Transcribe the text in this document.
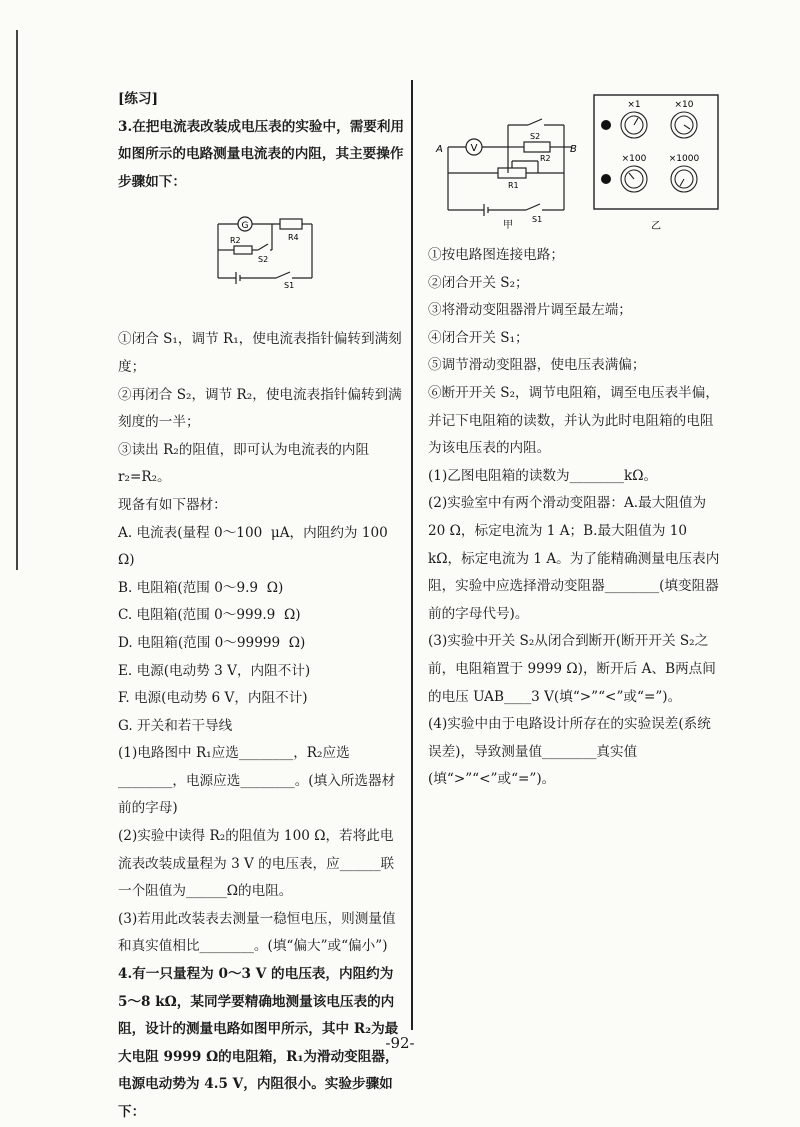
[练习]

3.在把电流表改装成电压表的实验中，需要利用如图所示的电路测量电流表的内阻，其主要操作步骤如下：

①闭合 S₁，调节 R₁，使电流表指针偏转到满刻度；

②再闭合 S₂，调节 R₂，使电流表指针偏转到满刻度的一半；

③读出 R₂的阻值，即可认为电流表的内阻 r₂=R₂。

现备有如下器材：

A. 电流表(量程 0～100  μA，内阻约为 100  Ω)

B. 电阻箱(范围 0～9.9  Ω)

C. 电阻箱(范围 0～999.9  Ω)

D. 电阻箱(范围 0～99999  Ω)

E. 电源(电动势 3 V，内阻不计)

F. 电源(电动势 6 V，内阻不计)

G. 开关和若干导线

(1)电路图中 R₁应选________，R₂应选________，电源应选________。(填入所选器材前的字母)

(2)实验中读得 R₂的阻值为 100 Ω，若将此电流表改装成量程为 3 V 的电压表，应______联一个阻值为______Ω的电阻。

(3)若用此改装表去测量一稳恒电压，则测量值和真实值相比________。(填“偏大”或“偏小”)

4.有一只量程为 0～3 V 的电压表，内阻约为 5～8 kΩ，某同学要精确地测量该电压表的内阻，设计的测量电路如图甲所示，其中 R₂为最大电阻 9999 Ω的电阻箱，R₁为滑动变阻器，电源电动势为 4.5 V，内阻很小。实验步骤如下：

G
R4
R2
S2
S1
V
A	B
S2
R2
R1
S1
甲
×1	×10
×100 ×1000
乙

①按电路图连接电路；

②闭合开关 S₂；

③将滑动变阻器滑片调至最左端；

④闭合开关 S₁；

⑤调节滑动变阻器，使电压表满偏；

⑥断开开关 S₂，调节电阻箱，调至电压表半偏，并记下电阻箱的读数，并认为此时电阻箱的电阻为该电压表的内阻。

(1)乙图电阻箱的读数为________kΩ。

(2)实验室中有两个滑动变阻器：A.最大阻值为 20 Ω，标定电流为 1 A；B.最大阻值为 10 kΩ，标定电流为 1 A。为了能精确测量电压表内阻，实验中应选择滑动变阻器________(填变阻器前的字母代号)。

(3)实验中开关 S₂从闭合到断开(断开开关 S₂之前，电阻箱置于 9999 Ω)，断开后 A、B两点间的电压 UAB____3 V(填“>”“<”或“=”)。

(4)实验中由于电路设计所存在的实验误差(系统误差)，导致测量值________真实值(填“>”“<”或“=”)。

-92-
